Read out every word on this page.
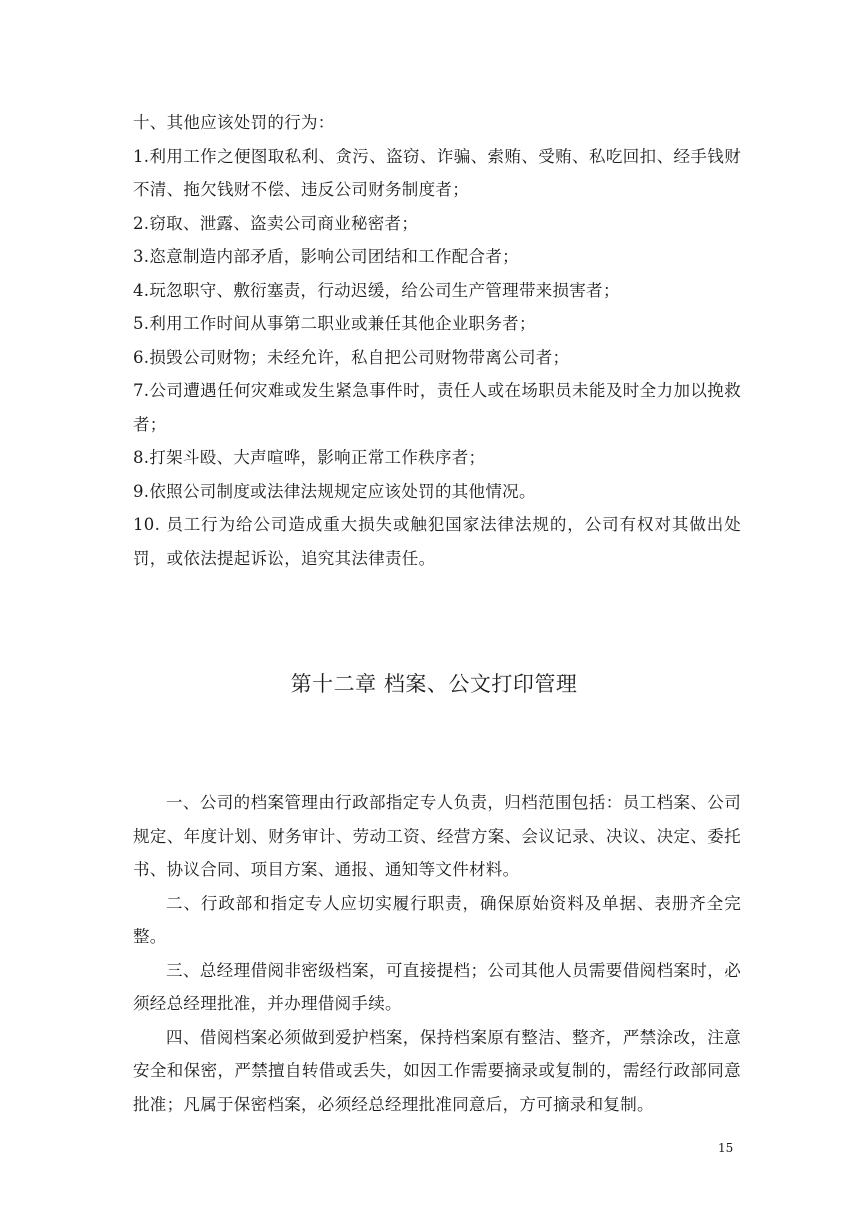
十、其他应该处罚的行为：

1.利用工作之便图取私利、贪污、盗窃、诈骗、索贿、受贿、私吃回扣、经手钱财不清、拖欠钱财不偿、违反公司财务制度者；

2.窃取、泄露、盗卖公司商业秘密者；

3.恣意制造内部矛盾，影响公司团结和工作配合者；

4.玩忽职守、敷衍塞责，行动迟缓，给公司生产管理带来损害者；

5.利用工作时间从事第二职业或兼任其他企业职务者；

6.损毁公司财物；未经允许，私自把公司财物带离公司者；

7.公司遭遇任何灾难或发生紧急事件时，责任人或在场职员未能及时全力加以挽救者；

8.打架斗殴、大声喧哗，影响正常工作秩序者；

9.依照公司制度或法律法规规定应该处罚的其他情况。

10. 员工行为给公司造成重大损失或触犯国家法律法规的，公司有权对其做出处罚，或依法提起诉讼，追究其法律责任。

第十二章 档案、公文打印管理

一、公司的档案管理由行政部指定专人负责，归档范围包括：员工档案、公司规定、年度计划、财务审计、劳动工资、经营方案、会议记录、决议、决定、委托书、协议合同、项目方案、通报、通知等文件材料。

二、行政部和指定专人应切实履行职责，确保原始资料及单据、表册齐全完整。

三、总经理借阅非密级档案，可直接提档；公司其他人员需要借阅档案时，必须经总经理批准，并办理借阅手续。

四、借阅档案必须做到爱护档案，保持档案原有整洁、整齐，严禁涂改，注意安全和保密，严禁擅自转借或丢失，如因工作需要摘录或复制的，需经行政部同意批准；凡属于保密档案，必须经总经理批准同意后，方可摘录和复制。

15
